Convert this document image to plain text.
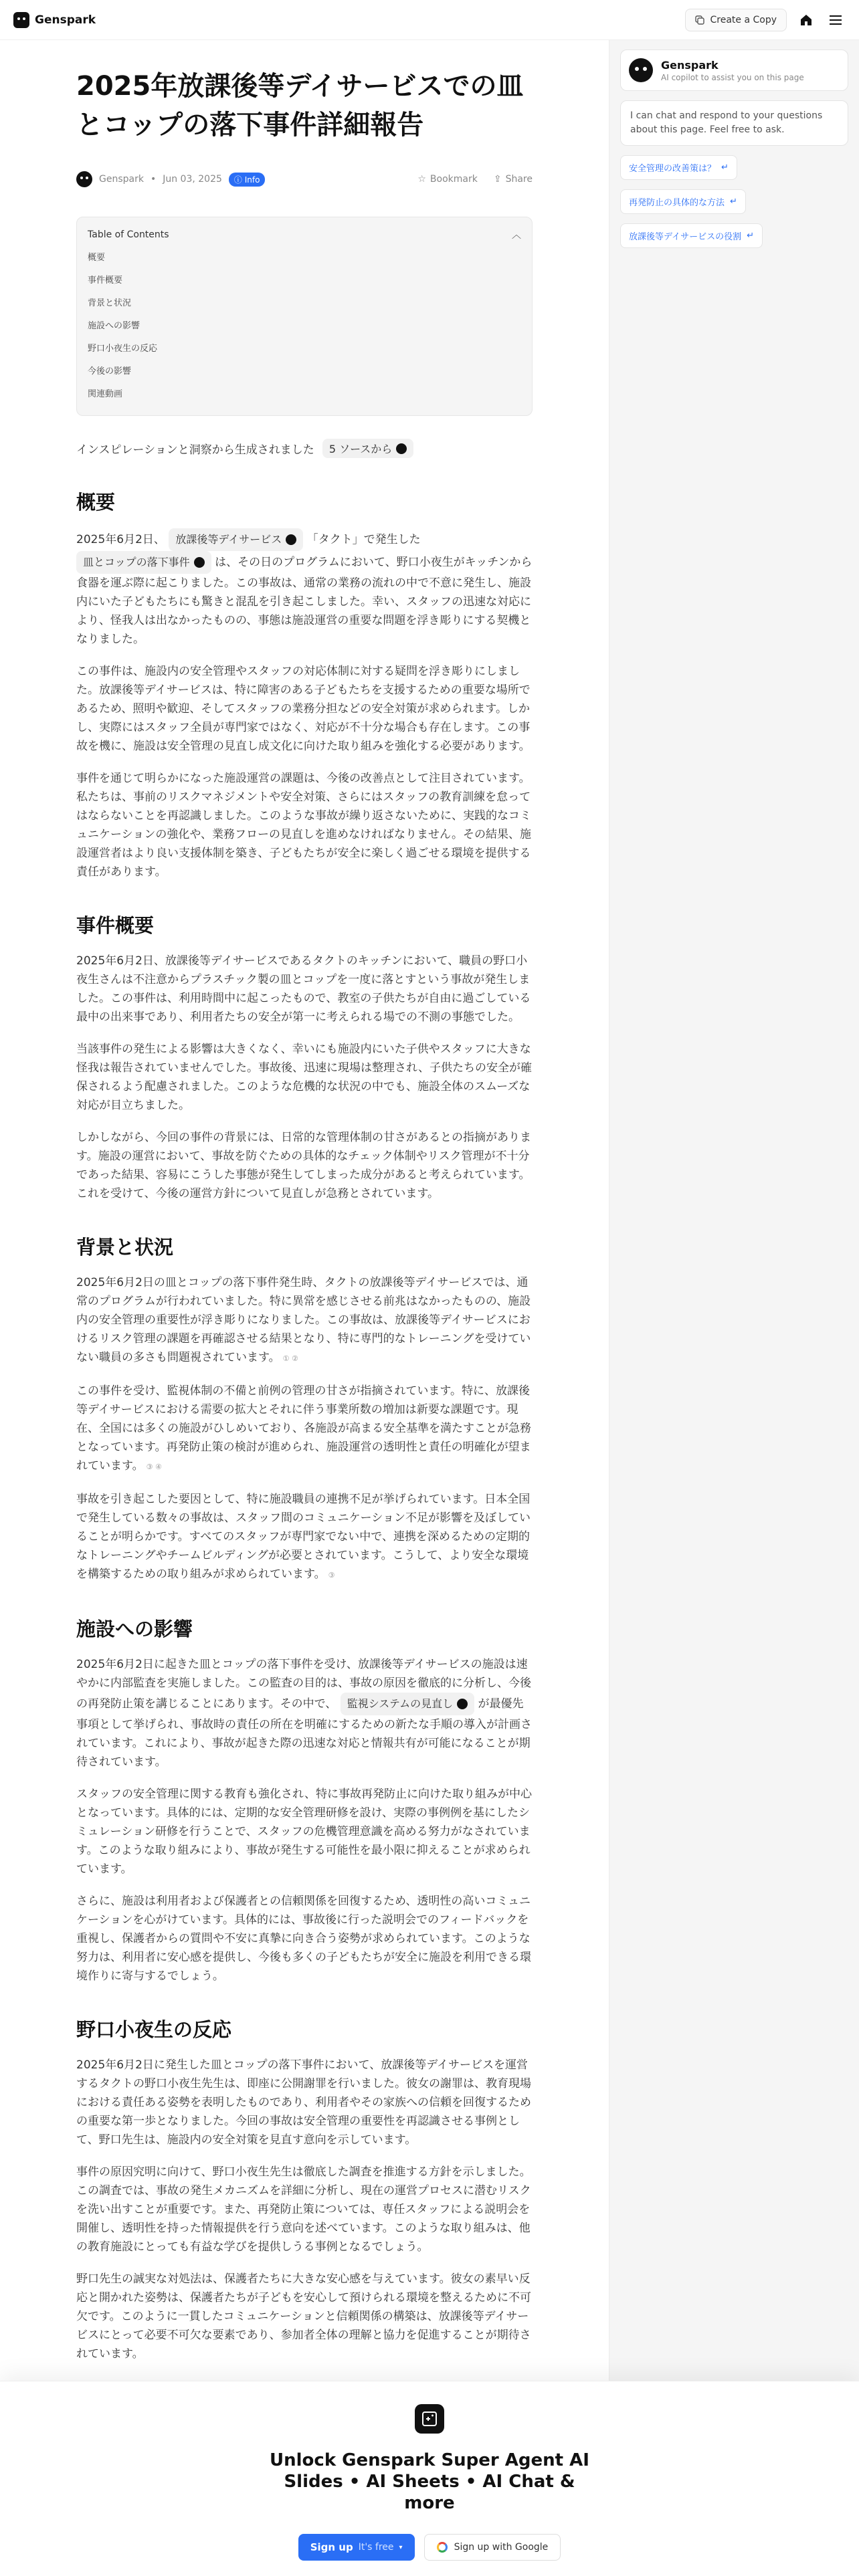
Genspark	Create a Copy
2025年放課後等デイサービスでの皿とコップの落下事件詳細報告
Genspark • Jun 03, 2025	ⓘ Info	☆ Bookmark ⇪ Share
Table of Contents	︿
概要
事件概要
背景と状況
施設への影響
野口小夜生の反応
今後の影響
関連動画
インスピレーションと洞察から生成されました 5 ソースから
概要

2025年6月2日、 放課後等デイサービス 「タクト」で発生した
皿とコップの落下事件 は、その日のプログラムにおいて、野口小夜生がキッチンから食器を運ぶ際に起こりました。この事故は、通常の業務の流れの中で不意に発生し、施設内にいた子どもたちにも驚きと混乱を引き起こしました。幸い、スタッフの迅速な対応により、怪我人は出なかったものの、事態は施設運営の重要な問題を浮き彫りにする契機となりました。

この事件は、施設内の安全管理やスタッフの対応体制に対する疑問を浮き彫りにしました。放課後等デイサービスは、特に障害のある子どもたちを支援するための重要な場所であるため、照明や歓迎、そしてスタッフの業務分担などの安全対策が求められます。しかし、実際にはスタッフ全員が専門家ではなく、対応が不十分な場合も存在します。この事故を機に、施設は安全管理の見直し成文化に向けた取り組みを強化する必要があります。

事件を通じて明らかになった施設運営の課題は、今後の改善点として注目されています。私たちは、事前のリスクマネジメントや安全対策、さらにはスタッフの教育訓練を怠ってはならないことを再認識しました。このような事故が繰り返さないために、実践的なコミュニケーションの強化や、業務フローの見直しを進めなければなりません。その結果、施設運営者はより良い支援体制を築き、子どもたちが安全に楽しく過ごせる環境を提供する責任があります。

事件概要

2025年6月2日、放課後等デイサービスであるタクトのキッチンにおいて、職員の野口小夜生さんは不注意からプラスチック製の皿とコップを一度に落とすという事故が発生しました。この事件は、利用時間中に起こったもので、教室の子供たちが自由に過ごしている最中の出来事であり、利用者たちの安全が第一に考えられる場での不測の事態でした。

当該事件の発生による影響は大きくなく、幸いにも施設内にいた子供やスタッフに大きな怪我は報告されていませんでした。事故後、迅速に現場は整理され、子供たちの安全が確保されるよう配慮されました。このような危機的な状況の中でも、施設全体のスムーズな対応が目立ちました。

しかしながら、今回の事件の背景には、日常的な管理体制の甘さがあるとの指摘があります。施設の運営において、事故を防ぐための具体的なチェック体制やリスク管理が不十分であった結果、容易にこうした事態が発生してしまった成分があると考えられています。これを受けて、今後の運営方針について見直しが急務とされています。

背景と状況

2025年6月2日の皿とコップの落下事件発生時、タクトの放課後等デイサービスでは、通常のプログラムが行われていました。特に異常を感じさせる前兆はなかったものの、施設内の安全管理の重要性が浮き彫りになりました。この事故は、放課後等デイサービスにおけるリスク管理の課題を再確認させる結果となり、特に専門的なトレーニングを受けていない職員の多さも問題視されています。 ① ②

この事件を受け、監視体制の不備と前例の管理の甘さが指摘されています。特に、放課後等デイサービスにおける需要の拡大とそれに伴う事業所数の増加は新要な課題です。現在、全国には多くの施設がひしめいており、各施設が高まる安全基準を満たすことが急務となっています。再発防止策の検討が進められ、施設運営の透明性と責任の明確化が望まれています。 ③ ④

事故を引き起こした要因として、特に施設職員の連携不足が挙げられています。日本全国で発生している数々の事故は、スタッフ間のコミュニケーション不足が影響を及ぼしていることが明らかです。すべてのスタッフが専門家でない中で、連携を深めるための定期的なトレーニングやチームビルディングが必要とされています。こうして、より安全な環境を構築するための取り組みが求められています。 ③

施設への影響

2025年6月2日に起きた皿とコップの落下事件を受け、放課後等デイサービスの施設は速やかに内部監査を実施しました。この監査の目的は、事故の原因を徹底的に分析し、今後の再発防止策を講じることにあります。その中で、 監視システムの見直し が最優先事項として挙げられ、事故時の責任の所在を明確にするための新たな手順の導入が計画されています。これにより、事故が起きた際の迅速な対応と情報共有が可能になることが期待されています。

スタッフの安全管理に関する教育も強化され、特に事故再発防止に向けた取り組みが中心となっています。具体的には、定期的な安全管理研修を設け、実際の事例例を基にしたシミュレーション研修を行うことで、スタッフの危機管理意識を高める努力がなされています。このような取り組みにより、事故が発生する可能性を最小限に抑えることが求められています。

さらに、施設は利用者および保護者との信頼関係を回復するため、透明性の高いコミュニケーションを心がけています。具体的には、事故後に行った説明会でのフィードバックを重視し、保護者からの質問や不安に真摯に向き合う姿勢が求められています。このような努力は、利用者に安心感を提供し、今後も多くの子どもたちが安全に施設を利用できる環境作りに寄与するでしょう。

野口小夜生の反応

2025年6月2日に発生した皿とコップの落下事件において、放課後等デイサービスを運営するタクトの野口小夜生先生は、即座に公開謝罪を行いました。彼女の謝罪は、教育現場における責任ある姿勢を表明したものであり、利用者やその家族への信頼を回復するための重要な第一歩となりました。今回の事故は安全管理の重要性を再認識させる事例として、野口先生は、施設内の安全対策を見直す意向を示しています。

事件の原因究明に向けて、野口小夜生先生は徹底した調査を推進する方針を示しました。この調査では、事故の発生メカニズムを詳細に分析し、現在の運営プロセスに潜むリスクを洗い出すことが重要です。また、再発防止策については、専任スタッフによる説明会を開催し、透明性を持った情報提供を行う意向を述べています。このような取り組みは、他の教育施設にとっても有益な学びを提供しうる事例となるでしょう。

野口先生の誠実な対処法は、保護者たちに大きな安心感を与えています。彼女の素早い反応と開かれた姿勢は、保護者たちが子どもを安心して預けられる環境を整えるために不可欠です。このように一貫したコミュニケーションと信頼関係の構築は、放課後等デイサービスにとって必要不可欠な要素であり、参加者全体の理解と協力を促進することが期待されています。

Genspark
AI copilot to assist you on this page
I can chat and respond to your questions about this page. Feel free to ask.
安全管理の改善策は？ ↵

再発防止の具体的な方法 ↵

放課後等デイサービスの役割 ↵
Unlock Genspark Super Agent AI Slides • AI Sheets • AI Chat & more
Sign up It's free ▾	Sign up with Google
